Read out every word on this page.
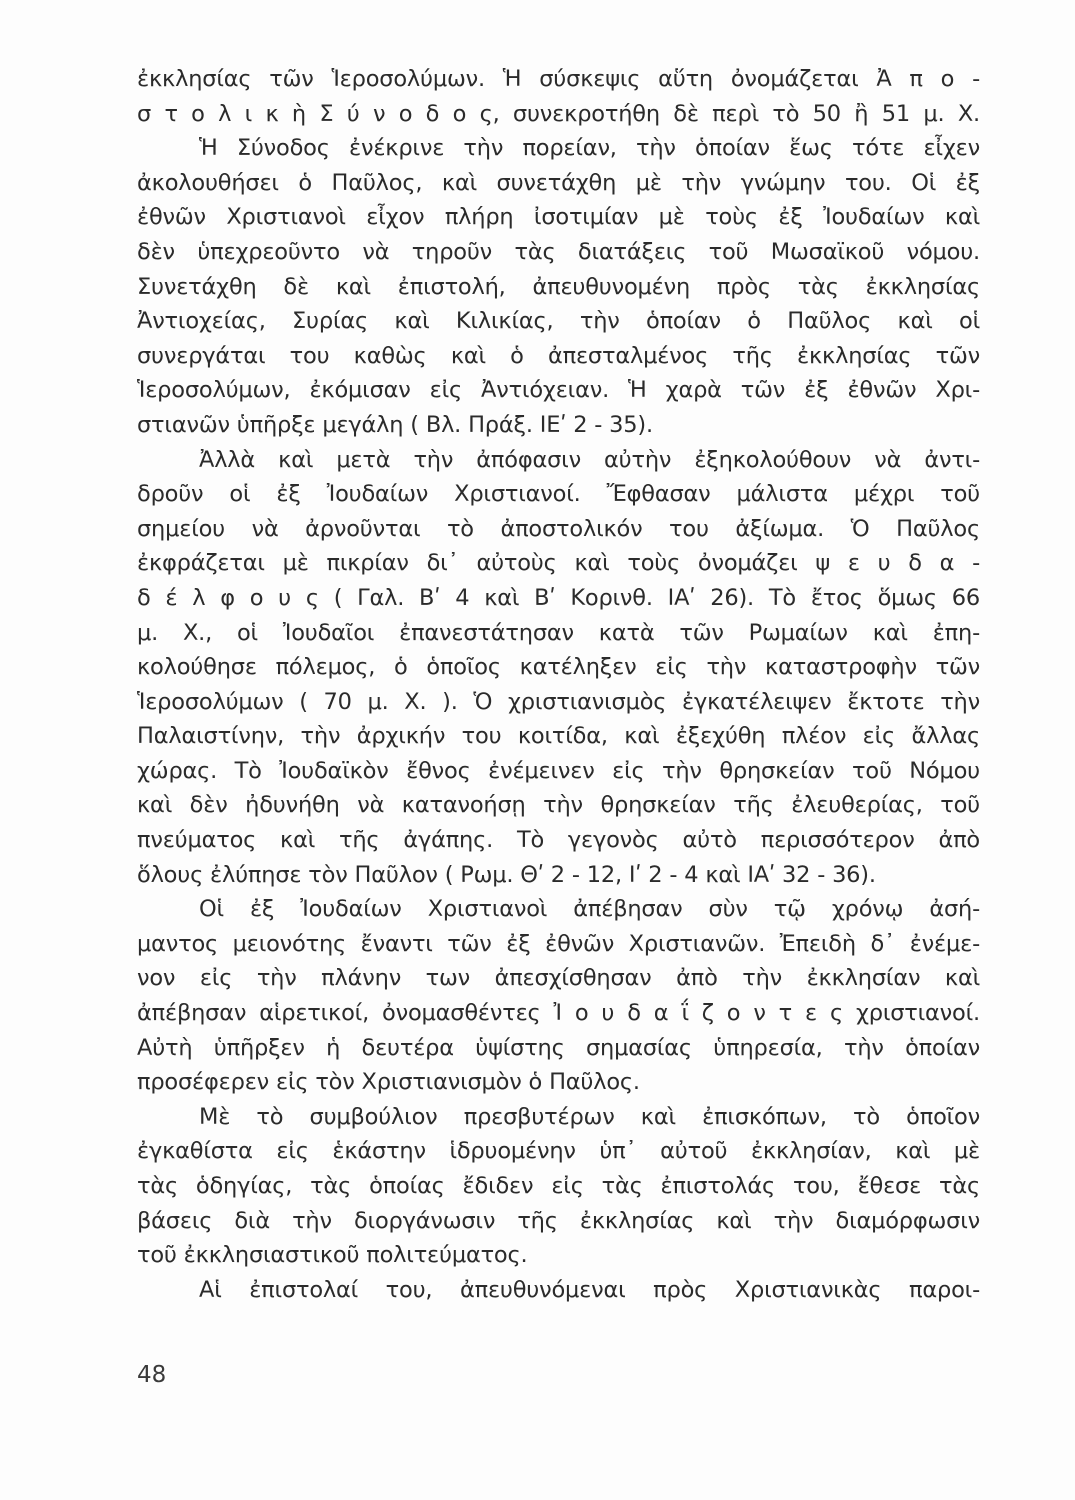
ἐκκλησίας τῶν Ἱεροσολύμων. Ἡ σύσκεψις αὕτη ὀνομάζεται Ἀ π ο -
σ τ ο λ ι κ ὴ Σ ύ ν ο δ ο ς, συνεκροτήθη δὲ περὶ τὸ 50 ἢ 51 μ. Χ.
Ἡ Σύνοδος ἐνέκρινε τὴν πορείαν, τὴν ὁποίαν ἕως τότε εἶχεν
ἀκολουθήσει ὁ Παῦλος, καὶ συνετάχθη μὲ τὴν γνώμην του. Οἱ ἐξ
ἐθνῶν Χριστιανοὶ εἶχον πλήρη ἰσοτιμίαν μὲ τοὺς ἐξ Ἰουδαίων καὶ
δὲν ὑπεχρεοῦντο νὰ τηροῦν τὰς διατάξεις τοῦ Μωσαϊκοῦ νόμου.
Συνετάχθη δὲ καὶ ἐπιστολή, ἀπευθυνομένη πρὸς τὰς ἐκκλησίας
Ἀντιοχείας, Συρίας καὶ Κιλικίας, τὴν ὁποίαν ὁ Παῦλος καὶ οἱ
συνεργάται του καθὼς καὶ ὁ ἀπεσταλμένος τῆς ἐκκλησίας τῶν
Ἱεροσολύμων, ἐκόμισαν εἰς Ἀντιόχειαν. Ἡ χαρὰ τῶν ἐξ ἐθνῶν Χρι-
στιανῶν ὑπῆρξε μεγάλη ( Βλ. Πράξ. ΙΕʹ 2 - 35).
Ἀλλὰ καὶ μετὰ τὴν ἀπόφασιν αὐτὴν ἐξηκολούθουν νὰ ἀντι-
δροῦν οἱ ἐξ Ἰουδαίων Χριστιανοί. Ἔφθασαν μάλιστα μέχρι τοῦ
σημείου νὰ ἀρνοῦνται τὸ ἀποστολικόν του ἀξίωμα. Ὁ Παῦλος
ἐκφράζεται μὲ πικρίαν δι᾽ αὐτοὺς καὶ τοὺς ὀνομάζει ψ ε υ δ α -
δ έ λ φ ο υ ς ( Γαλ. Βʹ 4 καὶ Βʹ Κορινθ. ΙΑʹ 26). Τὸ ἔτος ὅμως 66
μ. Χ., οἱ Ἰουδαῖοι ἐπανεστάτησαν κατὰ τῶν Ρωμαίων καὶ ἐπη-
κολούθησε πόλεμος, ὁ ὁποῖος κατέληξεν εἰς τὴν καταστροφὴν τῶν
Ἱεροσολύμων ( 70 μ. Χ. ). Ὁ χριστιανισμὸς ἐγκατέλειψεν ἔκτοτε τὴν
Παλαιστίνην, τὴν ἀρχικήν του κοιτίδα, καὶ ἐξεχύθη πλέον εἰς ἄλλας
χώρας. Τὸ Ἰουδαϊκὸν ἔθνος ἐνέμεινεν εἰς τὴν θρησκείαν τοῦ Νόμου
καὶ δὲν ἠδυνήθη νὰ κατανοήσῃ τὴν θρησκείαν τῆς ἐλευθερίας, τοῦ
πνεύματος καὶ τῆς ἀγάπης. Τὸ γεγονὸς αὐτὸ περισσότερον ἀπὸ
ὅλους ἐλύπησε τὸν Παῦλον ( Ρωμ. Θʹ 2 - 12, Ιʹ 2 - 4 καὶ ΙΑʹ 32 - 36).
Οἱ ἐξ Ἰουδαίων Χριστιανοὶ ἀπέβησαν σὺν τῷ χρόνῳ ἀσή-
μαντος μειονότης ἔναντι τῶν ἐξ ἐθνῶν Χριστιανῶν. Ἐπειδὴ δ᾽ ἐνέμε-
νον εἰς τὴν πλάνην των ἀπεσχίσθησαν ἀπὸ τὴν ἐκκλησίαν καὶ
ἀπέβησαν αἱρετικοί, ὀνομασθέντες Ἰ ο υ δ α ΐ ζ ο ν τ ε ς χριστιανοί.
Αὐτὴ ὑπῆρξεν ἡ δευτέρα ὑψίστης σημασίας ὑπηρεσία, τὴν ὁποίαν
προσέφερεν εἰς τὸν Χριστιανισμὸν ὁ Παῦλος.
Μὲ τὸ συμβούλιον πρεσβυτέρων καὶ ἐπισκόπων, τὸ ὁποῖον
ἐγκαθίστα εἰς ἑκάστην ἱδρυομένην ὑπ᾽ αὐτοῦ ἐκκλησίαν, καὶ μὲ
τὰς ὁδηγίας, τὰς ὁποίας ἔδιδεν εἰς τὰς ἐπιστολάς του, ἔθεσε τὰς
βάσεις διὰ τὴν διοργάνωσιν τῆς ἐκκλησίας καὶ τὴν διαμόρφωσιν
τοῦ ἐκκλησιαστικοῦ πολιτεύματος.
Αἱ ἐπιστολαί του, ἀπευθυνόμεναι πρὸς Χριστιανικὰς παροι-
48
